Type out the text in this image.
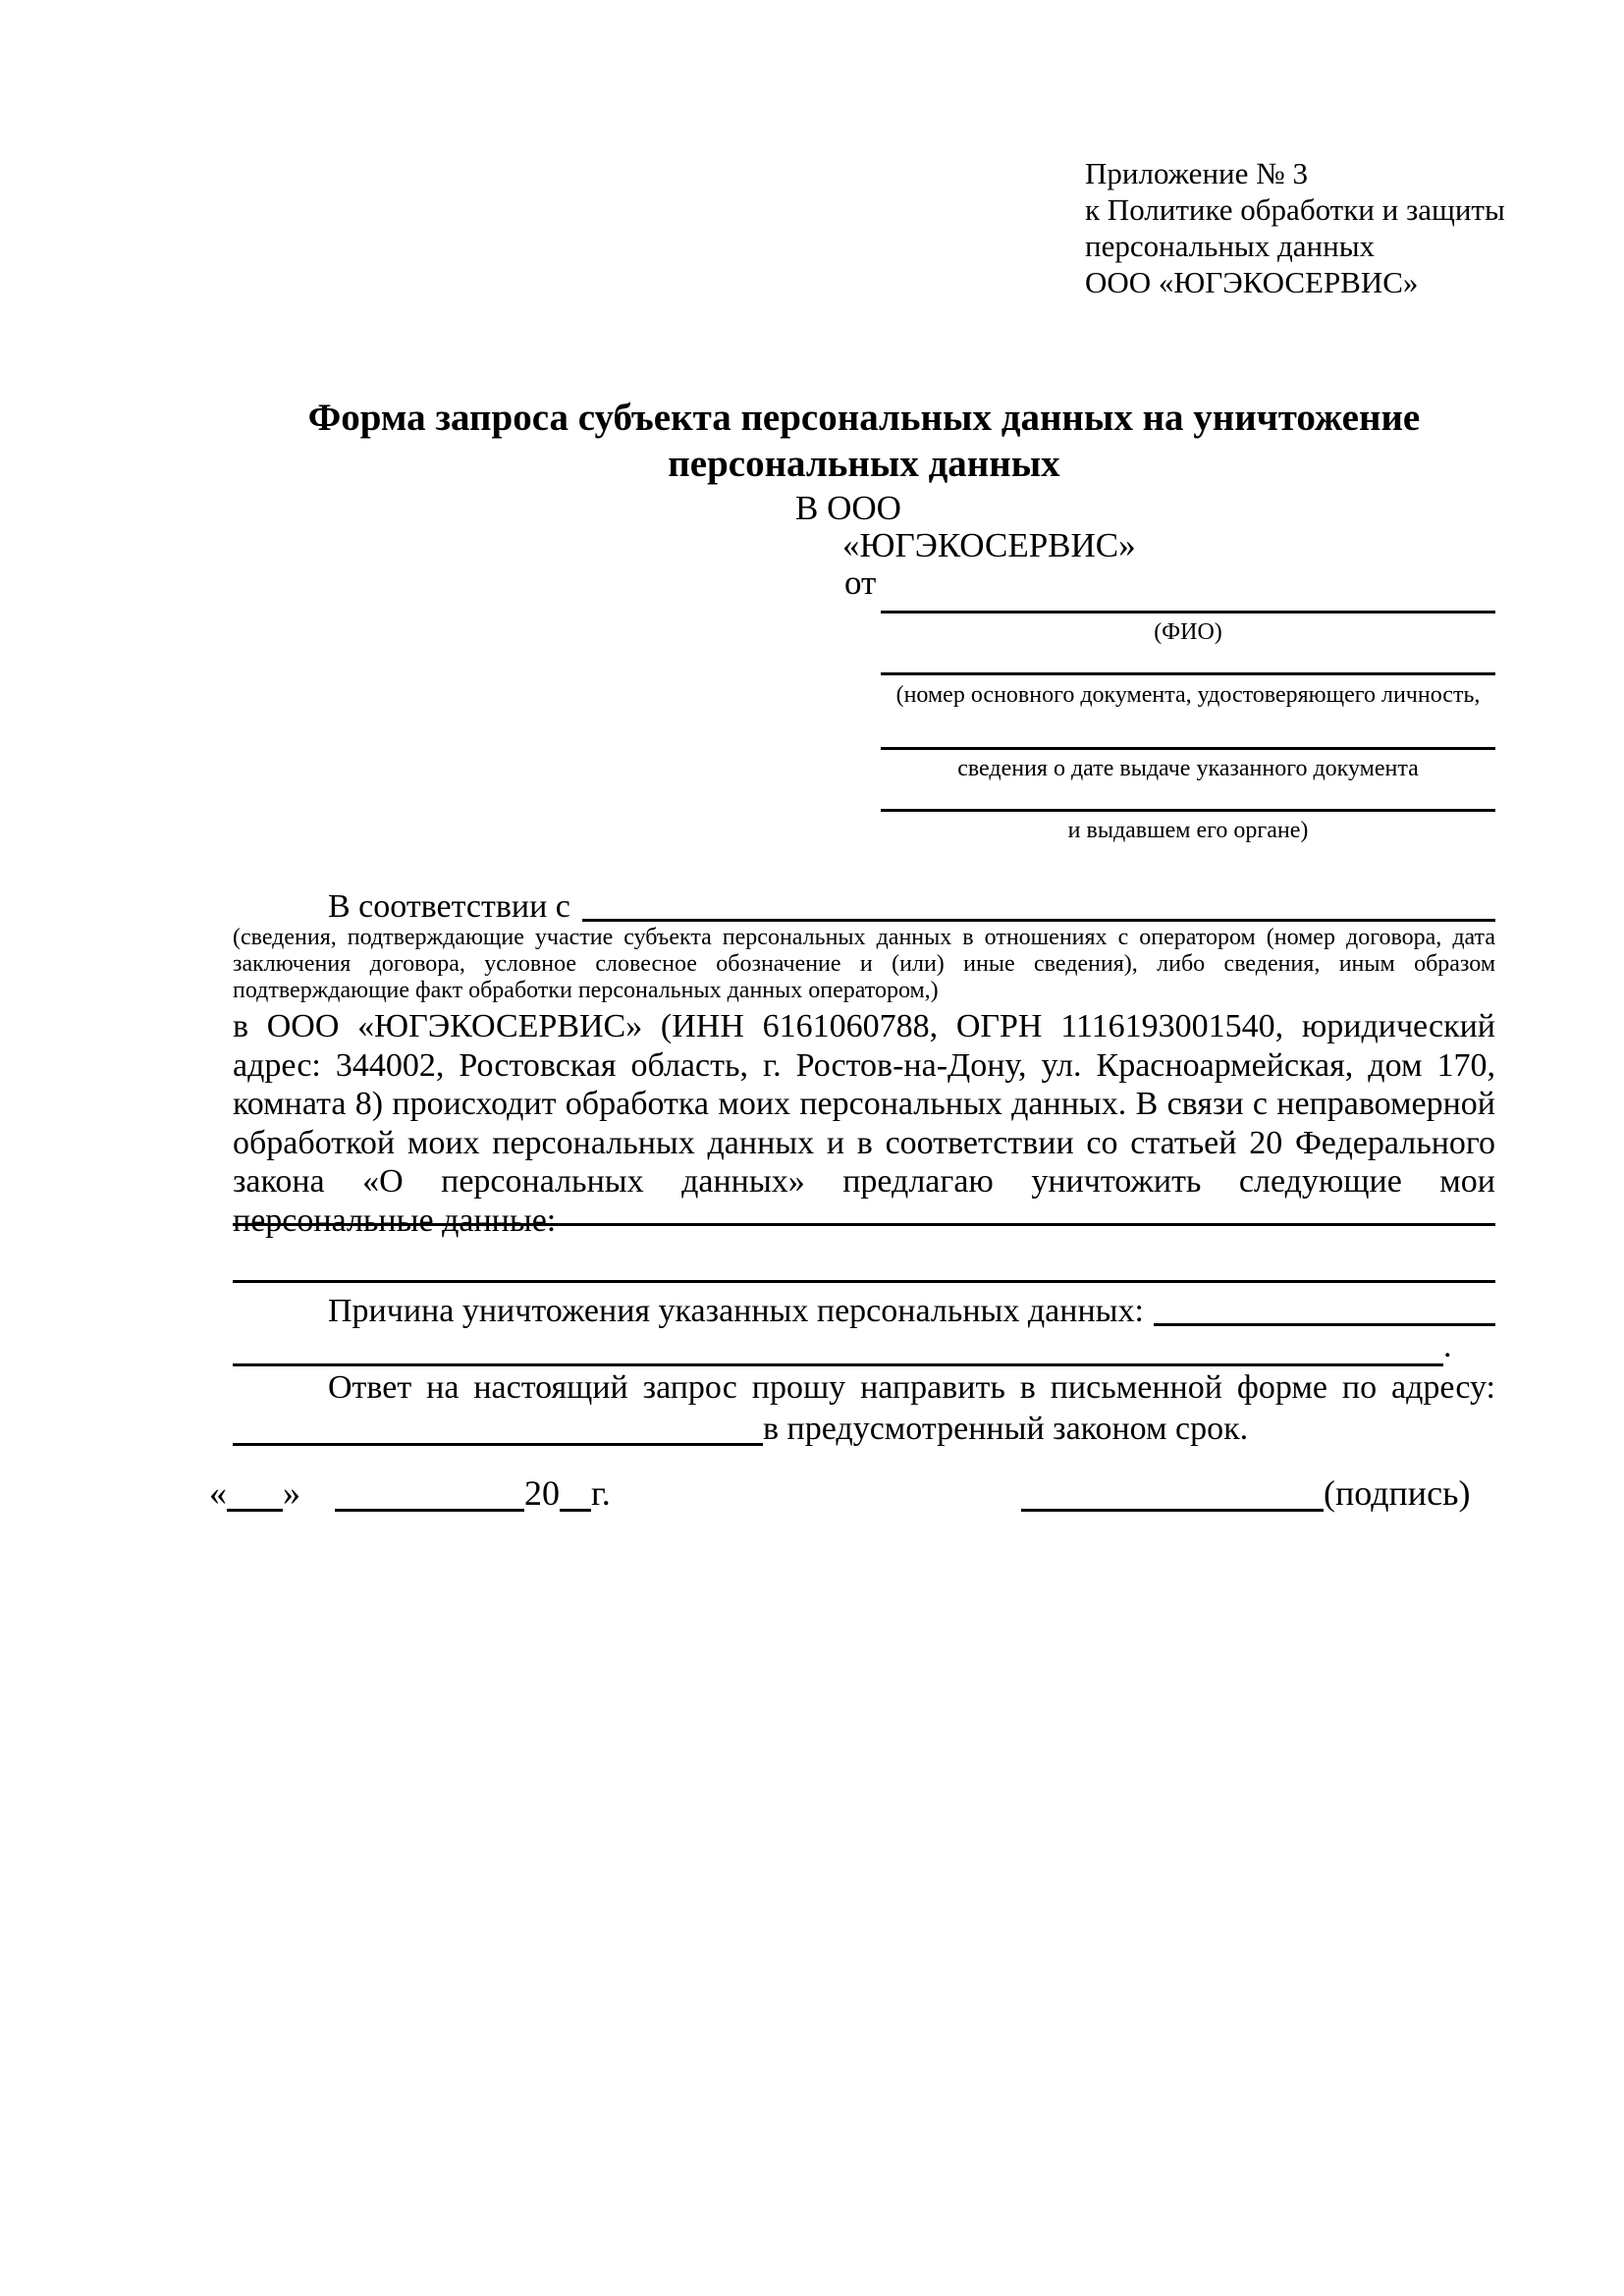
Приложение № 3
к Политике обработки и защиты
персональных данных
ООО «ЮГЭКОСЕРВИС»
Форма запроса субъекта персональных данных на уничтожение
персональных данных
В ООО
«ЮГЭКОСЕРВИС»
от
(ФИО)
(номер основного документа, удостоверяющего личность,
сведения о дате выдаче указанного документа
и выдавшем его органе)
В соответствии с
(сведения, подтверждающие участие субъекта персональных данных в отношениях с оператором (номер договора, дата заключения договора, условное словесное обозначение и (или) иные сведения), либо сведения, иным образом подтверждающие факт обработки персональных данных оператором,)
в ООО «ЮГЭКОСЕРВИС» (ИНН 6161060788, ОГРН 1116193001540, юридический адрес: 344002, Ростовская область, г. Ростов-на-Дону, ул. Красноармейская, дом 170, комната 8) происходит обработка моих персональных данных. В связи с неправомерной обработкой моих персональных данных и в соответствии со статьей 20 Федерального закона «О персональных данных» предлагаю уничтожить следующие мои персональные данные:
Причина уничтожения указанных персональных данных:
.
Ответ на настоящий запрос прошу направить в письменной форме по адресу:
в предусмотренный законом срок.
« »	20 г.	(подпись)
